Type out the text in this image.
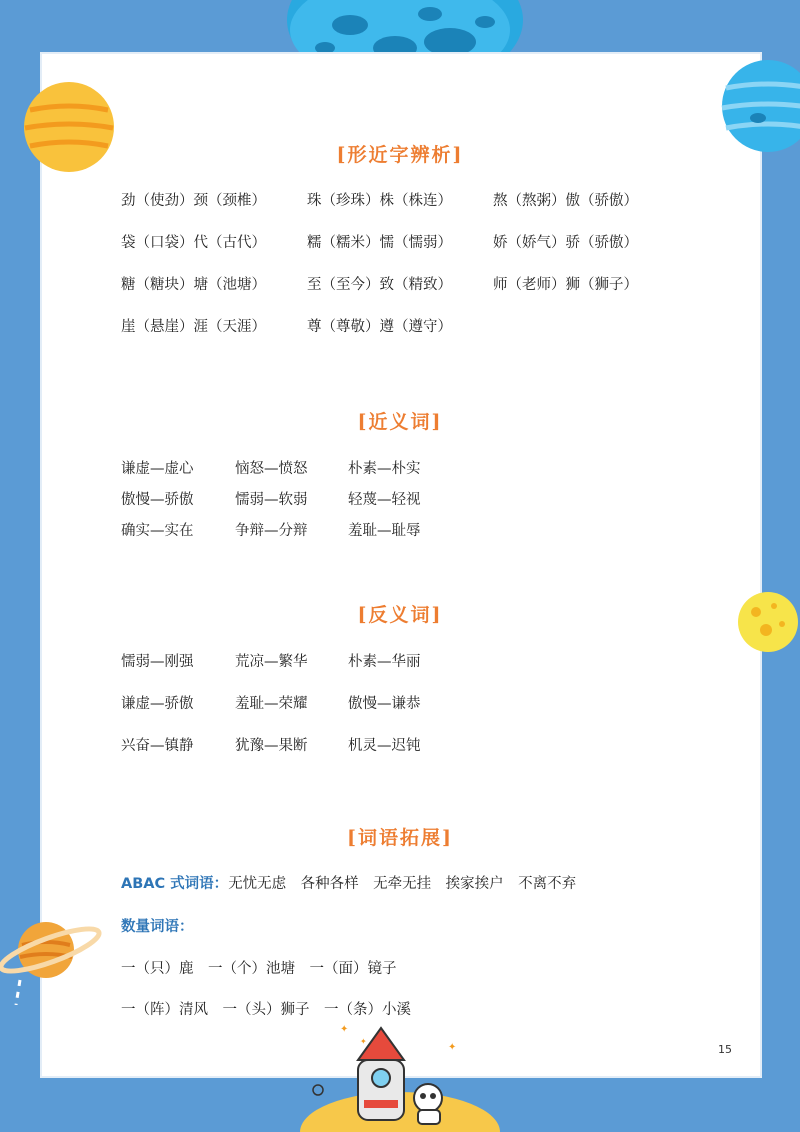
✦
✦
✦
[形近字辨析]
劲（使劲）颈（颈椎）	珠（珍珠）株（株连）	熬（熬粥）傲（骄傲）
袋（口袋）代（古代）	糯（糯米）懦（懦弱）	娇（娇气）骄（骄傲）
糖（糖块）塘（池塘）	至（至今）致（精致）	师（老师）狮（狮子）
崖（悬崖）涯（天涯）	尊（尊敬）遵（遵守）
[近义词]
谦虚—虚心	恼怒—愤怒	朴素—朴实
傲慢—骄傲	懦弱—软弱	轻蔑—轻视
确实—实在	争辩—分辩	羞耻—耻辱
[反义词]
懦弱—刚强	荒凉—繁华	朴素—华丽
谦虚—骄傲	羞耻—荣耀	傲慢—谦恭
兴奋—镇静	犹豫—果断	机灵—迟钝
[词语拓展]
ABAC 式词语：无忧无虑　各种各样　无牵无挂　挨家挨户　不离不弃
数量词语：
一（只）鹿　一（个）池塘　一（面）镜子
一（阵）清风　一（头）狮子　一（条）小溪
15
